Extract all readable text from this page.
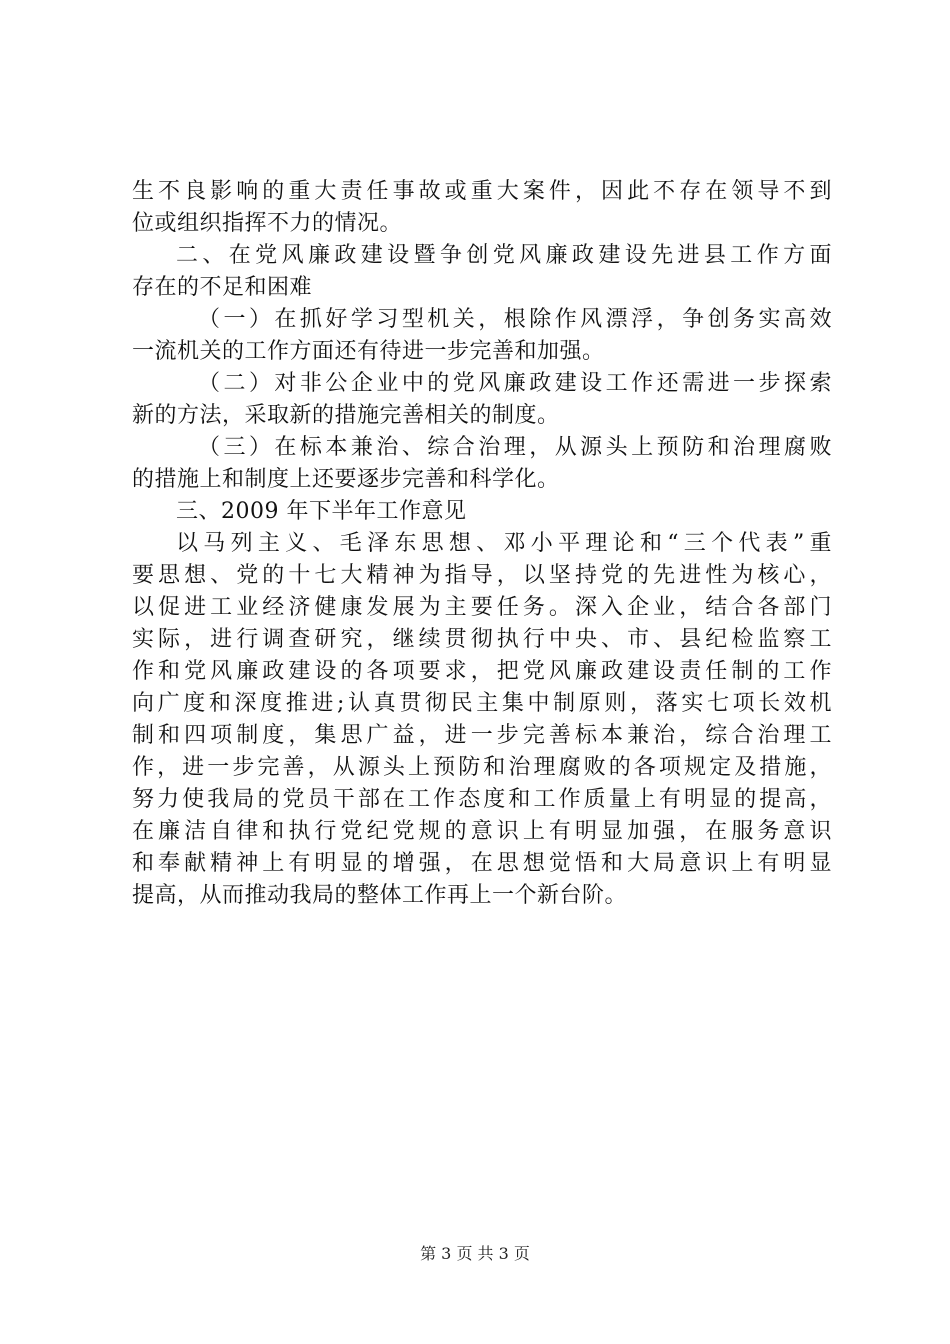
生不良影响的重大责任事故或重大案件，因此不存在领导不到
位或组织指挥不力的情况。
二、在党风廉政建设暨争创党风廉政建设先进县工作方面
存在的不足和困难
（一）在抓好学习型机关，根除作风漂浮，争创务实高效
一流机关的工作方面还有待进一步完善和加强。
（二）对非公企业中的党风廉政建设工作还需进一步探索
新的方法，采取新的措施完善相关的制度。
（三）在标本兼治、综合治理，从源头上预防和治理腐败
的措施上和制度上还要逐步完善和科学化。
三、2009 年下半年工作意见
以马列主义、毛泽东思想、邓小平理论和“三个代表”重
要思想、党的十七大精神为指导，以坚持党的先进性为核心，
以促进工业经济健康发展为主要任务。深入企业，结合各部门
实际，进行调查研究，继续贯彻执行中央、市、县纪检监察工
作和党风廉政建设的各项要求，把党风廉政建设责任制的工作
向广度和深度推进;认真贯彻民主集中制原则，落实七项长效机
制和四项制度，集思广益，进一步完善标本兼治，综合治理工
作，进一步完善，从源头上预防和治理腐败的各项规定及措施，
努力使我局的党员干部在工作态度和工作质量上有明显的提高，
在廉洁自律和执行党纪党规的意识上有明显加强，在服务意识
和奉献精神上有明显的增强，在思想觉悟和大局意识上有明显
提高，从而推动我局的整体工作再上一个新台阶。
第 3 页 共 3 页
